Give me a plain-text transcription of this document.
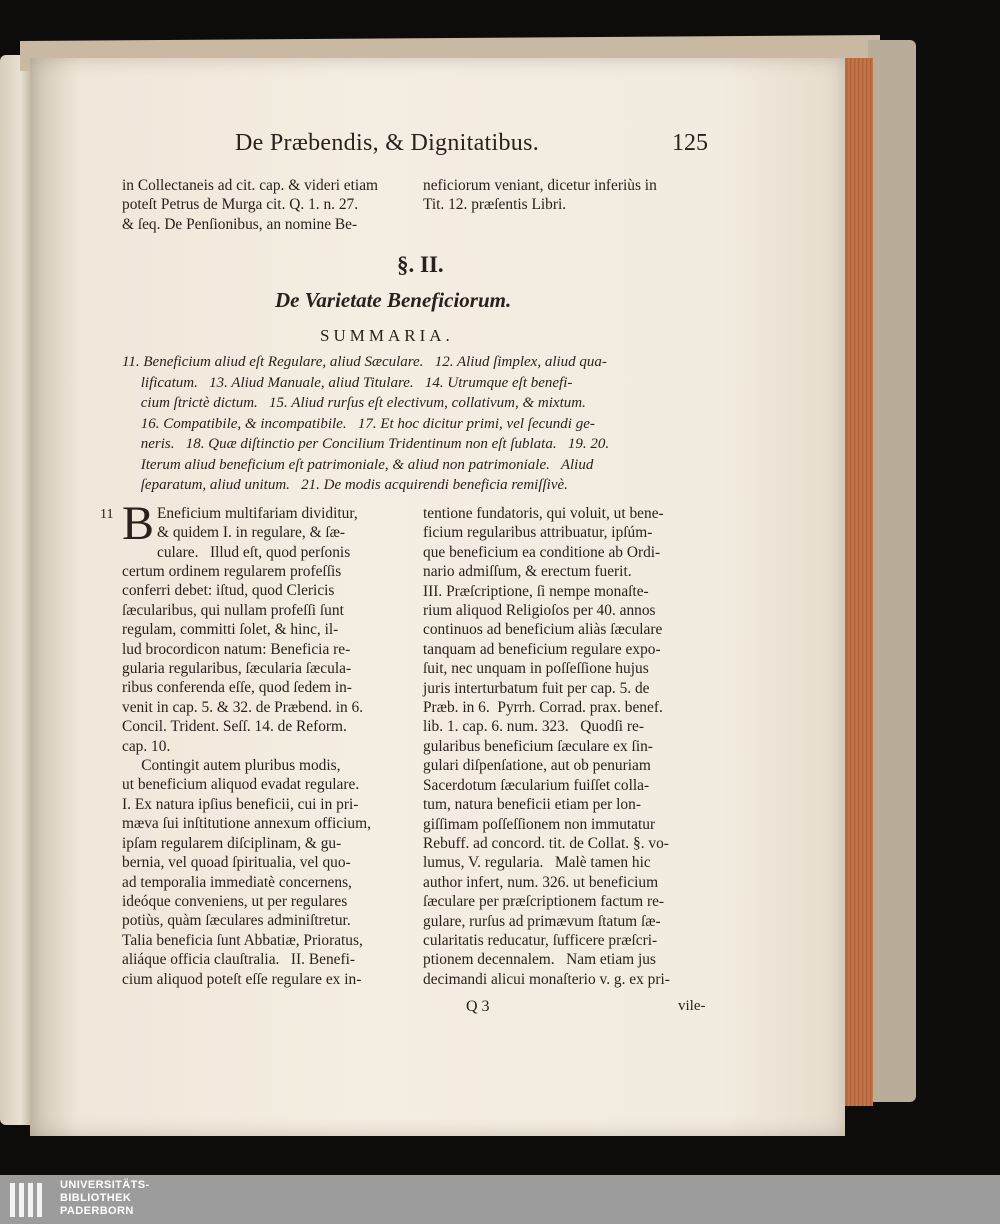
De Præbendis, & Dignitatibus.	125
in Collectaneis ad cit. cap. & videri etiam
poteſt Petrus de Murga cit. Q. 1. n. 27.
& ſeq. De Penſionibus, an nomine Be-
neficiorum veniant, dicetur inferiùs in
Tit. 12. præſentis Libri.
§. II.
De Varietate Beneficiorum.
SUMMARIA.
11. Beneficium aliud eſt Regulare, aliud Sæculare.   12. Aliud ſimplex, aliud qua-
lificatum.   13. Aliud Manuale, aliud Titulare.   14. Utrumque eſt benefi-
cium ſtrictè dictum.   15. Aliud rurſus eſt electivum, collativum, & mixtum.
16. Compatibile, & incompatibile.   17. Et hoc dicitur primi, vel ſecundi ge-
neris.   18. Quæ diſtinctio per Concilium Tridentinum non eſt ſublata.   19. 20.
Iterum aliud beneficium eſt patrimoniale, & aliud non patrimoniale.   Aliud
ſeparatum, aliud unitum.   21. De modis acquirendi beneficia remiſſivè.
11 B Eneficium multifariam dividitur,
& quidem I. in regulare, & ſæ-
culare.   Illud eſt, quod perſonis
certum ordinem regularem profeſſis
conferri debet: iſtud, quod Clericis
ſæcularibus, qui nullam profeſſi ſunt
regulam, committi ſolet, & hinc, il-
lud brocordicon natum: Beneficia re-
gularia regularibus, ſæcularia ſæcula-
ribus conferenda eſſe, quod ſedem in-
venit in cap. 5. & 32. de Præbend. in 6.
Concil. Trident. Seſſ. 14. de Reform.
cap. 10.
Contingit autem pluribus modis,
ut beneficium aliquod evadat regulare.
I. Ex natura ipſius beneficii, cui in pri-
mæva ſui inſtitutione annexum officium,
ipſam regularem diſciplinam, & gu-
bernia, vel quoad ſpiritualia, vel quo-
ad temporalia immediatè concernens,
ideóque conveniens, ut per regulares
potiùs, quàm ſæculares adminiſtretur.
Talia beneficia ſunt Abbatiæ, Prioratus,
aliáque officia clauſtralia.   II. Benefi-
cium aliquod poteſt eſſe regulare ex in-
tentione fundatoris, qui voluit, ut bene-
ficium regularibus attribuatur, ipſúm-
que beneficium ea conditione ab Ordi-
nario admiſſum, & erectum fuerit.
III. Præſcriptione, ſi nempe monaſte-
rium aliquod Religioſos per 40. annos
continuos ad beneficium aliàs ſæculare
tanquam ad beneficium regulare expo-
ſuit, nec unquam in poſſeſſione hujus
juris interturbatum fuit per cap. 5. de
Præb. in 6.  Pyrrh. Corrad. prax. benef.
lib. 1. cap. 6. num. 323.   Quodſi re-
gularibus beneficium ſæculare ex ſin-
gulari diſpenſatione, aut ob penuriam
Sacerdotum ſæcularium fuiſſet colla-
tum, natura beneficii etiam per lon-
giſſimam poſſeſſionem non immutatur
Rebuff. ad concord. tit. de Collat. §. vo-
lumus, V. regularia.   Malè tamen hic
author infert, num. 326. ut beneficium
ſæculare per præſcriptionem factum re-
gulare, rurſus ad primævum ſtatum ſæ-
cularitatis reducatur, ſufficere præſcri-
ptionem decennalem.   Nam etiam jus
decimandi alicui monaſterio v. g. ex pri-
Q 3	vile-
UNIVERSITÄTS-
BIBLIOTHEK
PADERBORN
